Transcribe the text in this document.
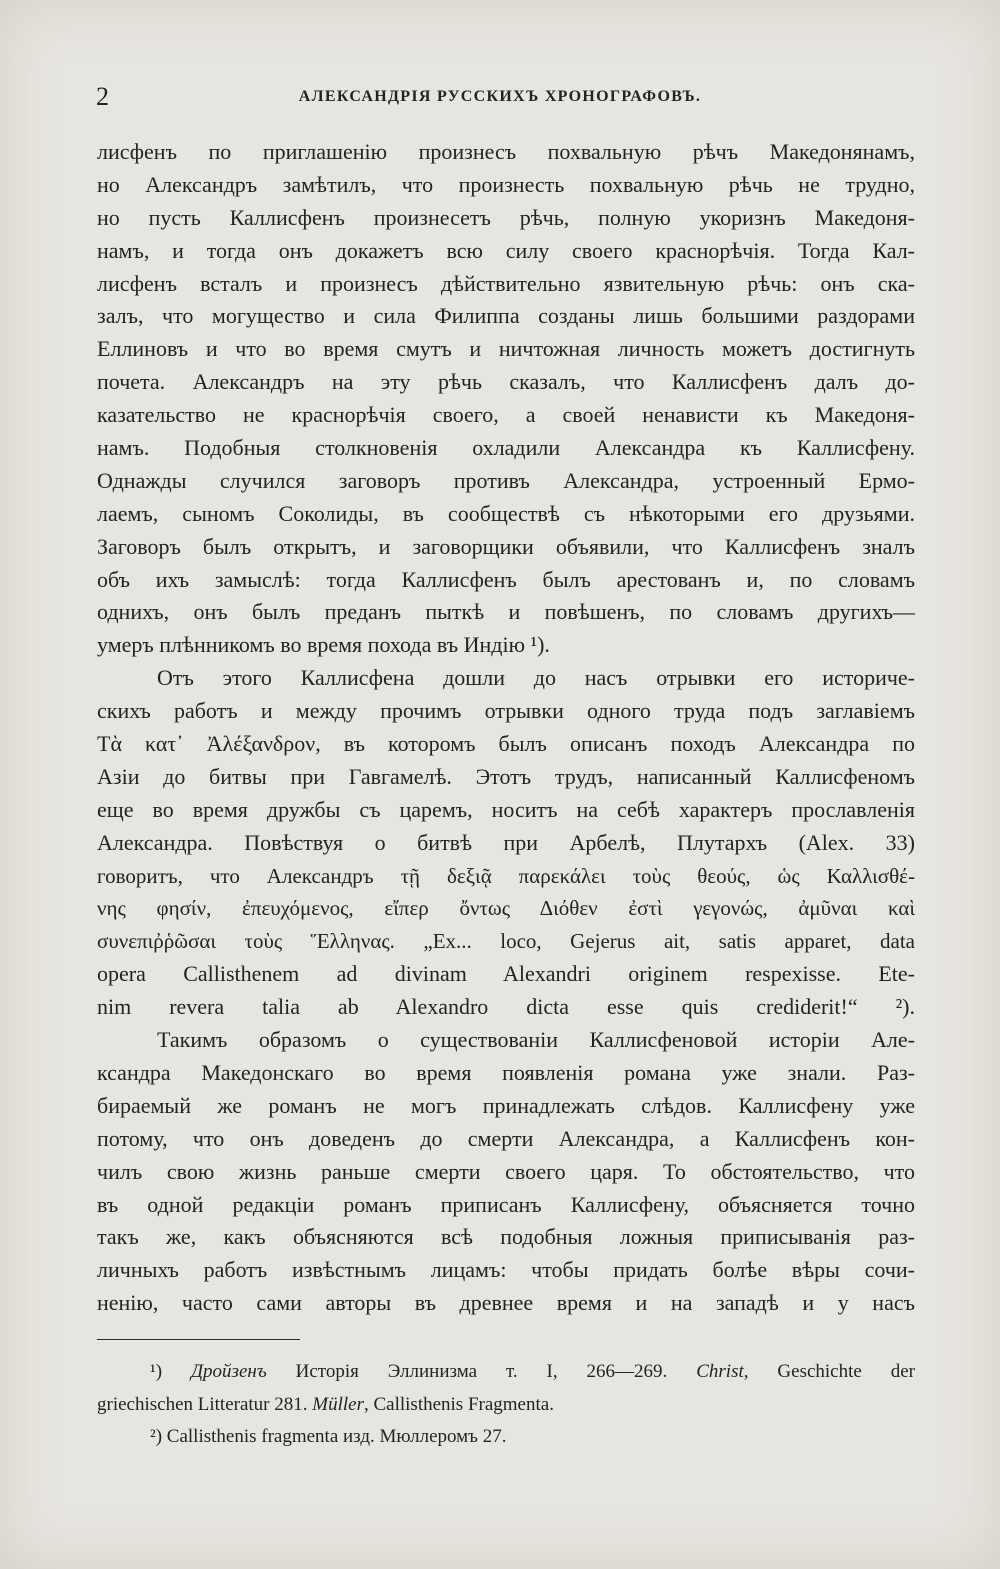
2	АЛЕКСАНДРІЯ РУССКИХЪ ХРОНОГРАФОВЪ.
лисфенъ по приглашенію произнесъ похвальную рѣчъ Македонянамъ,
но Александръ замѣтилъ, что произнесть похвальную рѣчь не трудно,
но пусть Каллисфенъ произнесетъ рѣчь, полную укоризнъ Македоня-
намъ, и тогда онъ докажетъ всю силу своего краснорѣчія. Тогда Кал-
лисфенъ всталъ и произнесъ дѣйствительно язвительную рѣчь: онъ ска-
залъ, что могущество и сила Филиппа созданы лишь большими раздорами
Еллиновъ и что во время смутъ и ничтожная личность можетъ достигнуть
почета. Александръ на эту рѣчь сказалъ, что Каллисфенъ далъ до-
казательство не краснорѣчія своего, а своей ненависти къ Македоня-
намъ. Подобныя столкновенія охладили Александра къ Каллисфену.
Однажды случился заговоръ противъ Александра, устроенный Ермо-
лаемъ, сыномъ Соколиды, въ сообществѣ съ нѣкоторыми его друзьями.
Заговоръ былъ открытъ, и заговорщики объявили, что Каллисфенъ зналъ
объ ихъ замыслѣ: тогда Каллисфенъ былъ арестованъ и, по словамъ
однихъ, онъ былъ преданъ пыткѣ и повѣшенъ, по словамъ другихъ—
умеръ плѣнникомъ во время похода въ Индію ¹).
Отъ этого Каллисфена дошли до насъ отрывки его историче-
скихъ работъ и между прочимъ отрывки одного труда подъ заглавіемъ
Τὰ κατ᾽ Ἀλέξανδρον, въ которомъ былъ описанъ походъ Александра по
Азіи до битвы при Гавгамелѣ. Этотъ трудъ, написанный Каллисфеномъ
еще во время дружбы съ царемъ, носитъ на себѣ характеръ прославленія
Александра. Повѣствуя о битвѣ при Арбелѣ, Плутархъ (Alex. 33)
говоритъ, что Александръ τῇ δεξιᾷ παρεκάλει τοὺς θεούς, ὡς Καλλισθέ-
νης φησίν, ἐπευχόμενος, εἴπερ ὄντως Διόθεν ἐστὶ γεγονώς, ἀμῦναι καὶ
συνεπιῤῥῶσαι τοὺς Ἕλληνας. „Ex... loco, Gejerus ait, satis apparet, data
opera Callisthenem ad divinam Alexandri originem respexisse. Ete-
nim revera talia ab Alexandro dicta esse quis crediderit!“ ²).
Такимъ образомъ о существованіи Каллисфеновой исторіи Але-
ксандра Македонскаго во время появленія романа уже знали. Раз-
бираемый же романъ не могъ принадлежать слѣдов. Каллисфену уже
потому, что онъ доведенъ до смерти Александра, а Каллисфенъ кон-
чилъ свою жизнь раньше смерти своего царя. То обстоятельство, что
въ одной редакціи романъ приписанъ Каллисфену, объясняется точно
такъ же, какъ объясняются всѣ подобныя ложныя приписыванія раз-
личныхъ работъ извѣстнымъ лицамъ: чтобы придать болѣе вѣры сочи-
ненію, часто сами авторы въ древнее время и на западѣ и у насъ
¹) Дройзенъ Исторія Эллинизма т. I, 266—269. Christ, Geschichte der
griechischen Litteratur 281. Müller, Callisthenis Fragmenta.
²) Callisthenis fragmenta изд. Мюллеромъ 27.
